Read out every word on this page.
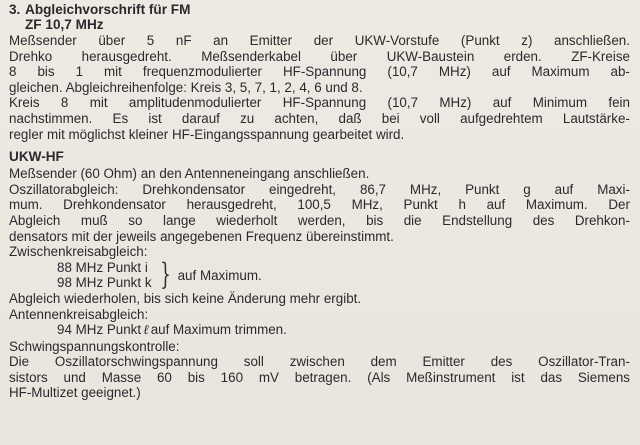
3. Abgleichvorschrift für FM
ZF 10,7 MHz
Meßsender über 5 nF an Emitter der UKW-Vorstufe (Punkt z) anschließen.
Drehko herausgedreht. Meßsenderkabel über UKW-Baustein erden. ZF-Kreise
8 bis 1 mit frequenzmodulierter HF-Spannung (10,7 MHz) auf Maximum ab-
gleichen. Abgleichreihenfolge: Kreis 3, 5, 7, 1, 2, 4, 6 und 8.
Kreis 8 mit amplitudenmodulierter HF-Spannung (10,7 MHz) auf Minimum fein
nachstimmen. Es ist darauf zu achten, daß bei voll aufgedrehtem Lautstärke-
regler mit möglichst kleiner HF-Eingangsspannung gearbeitet wird.
UKW-HF
Meßsender (60 Ohm) an den Antenneneingang anschließen.
Oszillatorabgleich: Drehkondensator eingedreht, 86,7 MHz, Punkt g auf Maxi-
mum. Drehkondensator herausgedreht, 100,5 MHz, Punkt h auf Maximum. Der
Abgleich muß so lange wiederholt werden, bis die Endstellung des Drehkon-
densators mit der jeweils angegebenen Frequenz übereinstimmt.
Zwischenkreisabgleich:
88 MHz Punkt i
98 MHz Punkt k } auf Maximum.
Abgleich wiederholen, bis sich keine Änderung mehr ergibt.
Antennenkreisabgleich:
94 MHz Punkt ℓ auf Maximum trimmen.
Schwingspannungskontrolle:
Die Oszillatorschwingspannung soll zwischen dem Emitter des Oszillator-Tran-
sistors und Masse 60 bis 160 mV betragen. (Als Meßinstrument ist das Siemens
HF-Multizet geeignet.)
